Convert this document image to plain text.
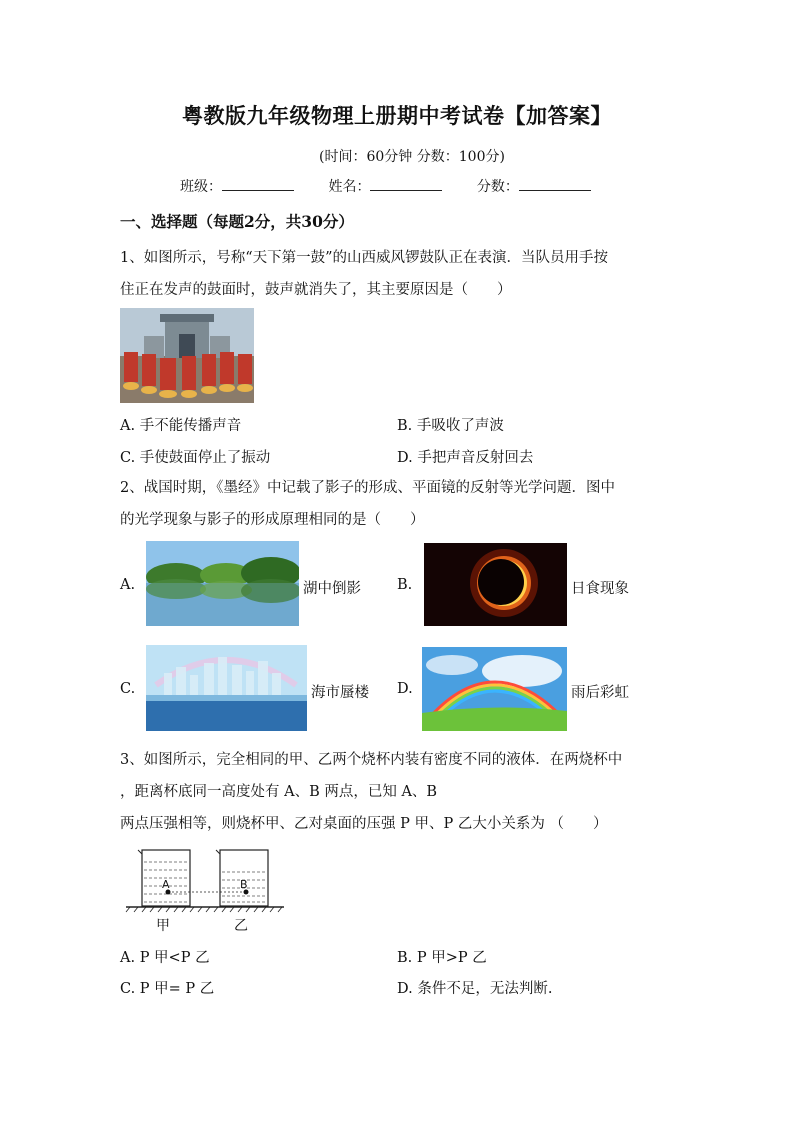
粤教版九年级物理上册期中考试卷【加答案】
(时间：60分钟 分数：100分)
班级：	姓名：	分数：
一、选择题（每题2分，共30分）
1、如图所示，号称“天下第一鼓”的山西威风锣鼓队正在表演．当队员用手按
住正在发声的鼓面时，鼓声就消失了，其主要原因是（　　）
A. 手不能传播声音	B. 手吸收了声波
C. 手使鼓面停止了振动	D. 手把声音反射回去
2、战国时期，《墨经》中记载了影子的形成、平面镜的反射等光学问题．图中
的光学现象与影子的形成原理相同的是（　　）
A.	湖中倒影 B.	日食现象
C.	海市蜃楼 D.	雨后彩虹
3、如图所示，完全相同的甲、乙两个烧杯内装有密度不同的液体．在两烧杯中
，距离杯底同一高度处有 A、B 两点，已知 A、B
两点压强相等，则烧杯甲、乙对桌面的压强 P 甲、P 乙大小关系为 （　　）
A	B
甲	乙
A. P 甲<P 乙	B. P 甲>P 乙
C. P 甲= P 乙	D. 条件不足，无法判断.
